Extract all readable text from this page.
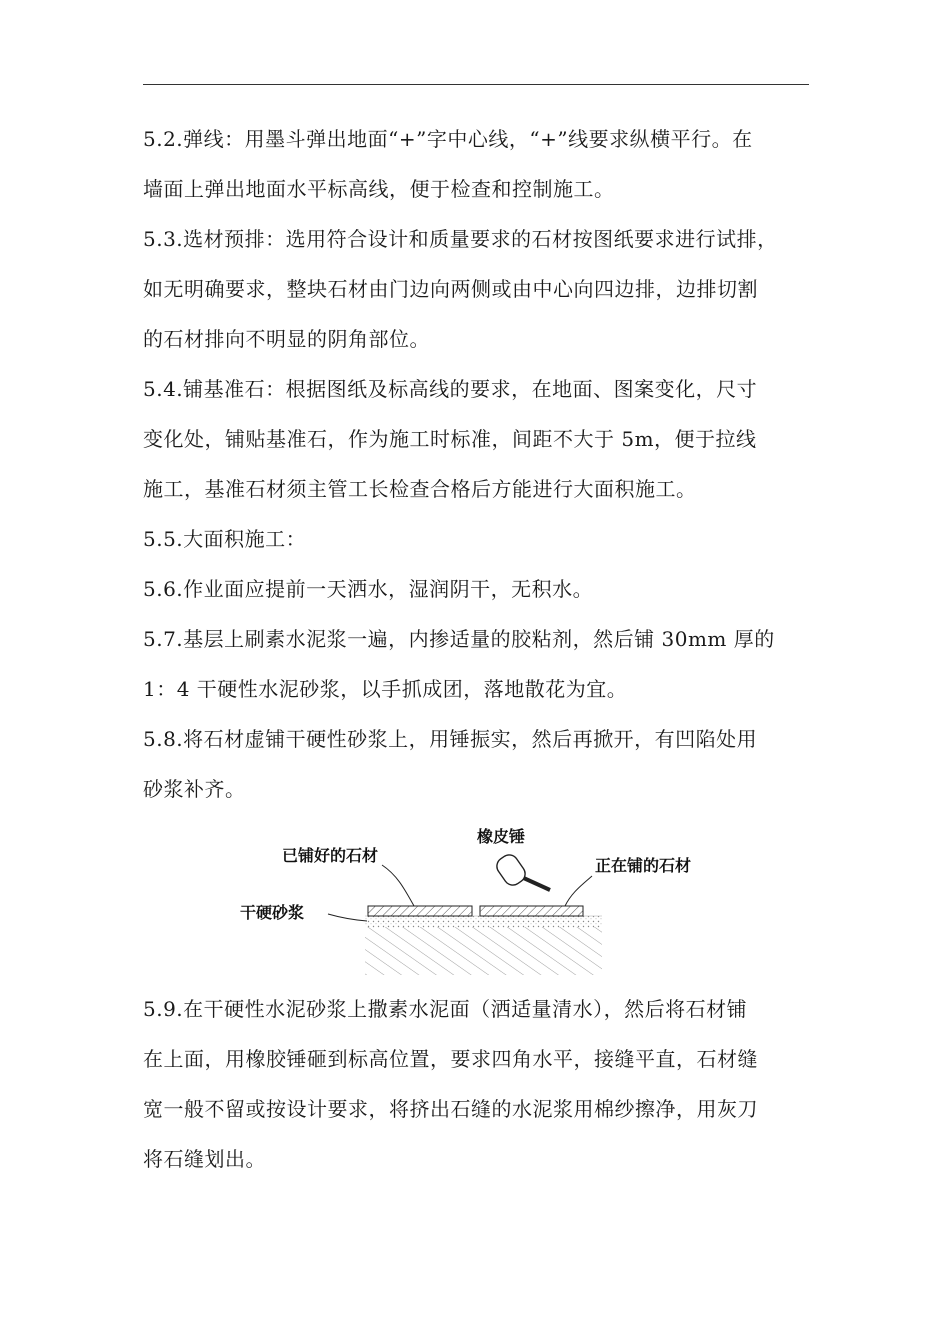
5.2.弹线：用墨斗弹出地面“+”字中心线，“+”线要求纵横平行。在
墙面上弹出地面水平标高线，便于检查和控制施工。

5.3.选材预排：选用符合设计和质量要求的石材按图纸要求进行试排，
如无明确要求，整块石材由门边向两侧或由中心向四边排，边排切割
的石材排向不明显的阴角部位。

5.4.铺基准石：根据图纸及标高线的要求，在地面、图案变化，尺寸
变化处，铺贴基准石，作为施工时标准，间距不大于 5m，便于拉线
施工，基准石材须主管工长检查合格后方能进行大面积施工。

5.5.大面积施工：

5.6.作业面应提前一天洒水，湿润阴干，无积水。

5.7.基层上刷素水泥浆一遍，内掺适量的胶粘剂，然后铺 30mm 厚的
1：4 干硬性水泥砂浆，以手抓成团，落地散花为宜。

5.8.将石材虚铺干硬性砂浆上，用锤振实，然后再掀开，有凹陷处用
砂浆补齐。

橡皮锤
已铺好的石材
正在铺的石材
干硬砂浆

5.9.在干硬性水泥砂浆上撒素水泥面（洒适量清水），然后将石材铺
在上面，用橡胶锤砸到标高位置，要求四角水平，接缝平直，石材缝
宽一般不留或按设计要求，将挤出石缝的水泥浆用棉纱擦净，用灰刀
将石缝划出。
